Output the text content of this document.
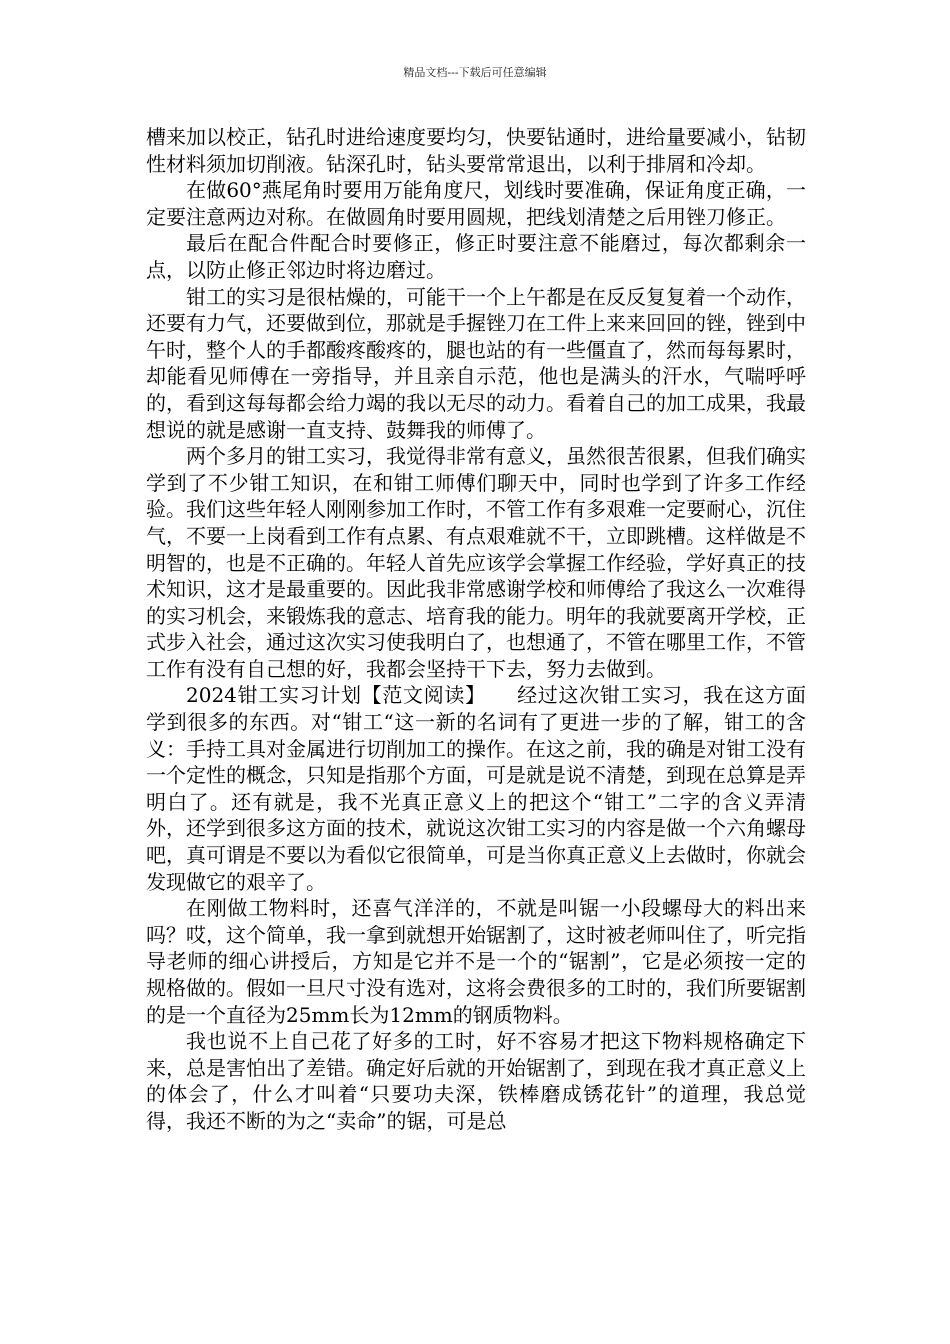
精品文档---下载后可任意编辑

槽来加以校正，钻孔时进给速度要均匀，快要钻通时，进给量要减小，钻韧性材料须加切削液。钻深孔时，钻头要常常退出，以利于排屑和冷却。

在做60°燕尾角时要用万能角度尺，划线时要准确，保证角度正确，一定要注意两边对称。在做圆角时要用圆规，把线划清楚之后用锉刀修正。

最后在配合件配合时要修正，修正时要注意不能磨过，每次都剩余一点，以防止修正邻边时将边磨过。

钳工的实习是很枯燥的，可能干一个上午都是在反反复复着一个动作，还要有力气，还要做到位，那就是手握锉刀在工件上来来回回的锉，锉到中午时，整个人的手都酸疼酸疼的，腿也站的有一些僵直了，然而每每累时，却能看见师傅在一旁指导，并且亲自示范，他也是满头的汗水，气喘呼呼的，看到这每每都会给力竭的我以无尽的动力。看着自己的加工成果，我最想说的就是感谢一直支持、鼓舞我的师傅了。

两个多月的钳工实习，我觉得非常有意义，虽然很苦很累，但我们确实学到了不少钳工知识，在和钳工师傅们聊天中，同时也学到了许多工作经验。我们这些年轻人刚刚参加工作时，不管工作有多艰难一定要耐心，沉住气，不要一上岗看到工作有点累、有点艰难就不干，立即跳槽。这样做是不明智的，也是不正确的。年轻人首先应该学会掌握工作经验，学好真正的技术知识，这才是最重要的。因此我非常感谢学校和师傅给了我这么一次难得的实习机会，来锻炼我的意志、培育我的能力。明年的我就要离开学校，正式步入社会，通过这次实习使我明白了，也想通了，不管在哪里工作，不管工作有没有自己想的好，我都会坚持干下去，努力去做到。

2024钳工实习计划【范文阅读】　　经过这次钳工实习，我在这方面学到很多的东西。对“钳工“这一新的名词有了更进一步的了解，钳工的含义：手持工具对金属进行切削加工的操作。在这之前，我的确是对钳工没有一个定性的概念，只知是指那个方面，可是就是说不清楚，到现在总算是弄明白了。还有就是，我不光真正意义上的把这个“钳工”二字的含义弄清外，还学到很多这方面的技术，就说这次钳工实习的内容是做一个六角螺母吧，真可谓是不要以为看似它很简单，可是当你真正意义上去做时，你就会发现做它的艰辛了。

在刚做工物料时，还喜气洋洋的，不就是叫锯一小段螺母大的料出来吗？哎，这个简单，我一拿到就想开始锯割了，这时被老师叫住了，听完指导老师的细心讲授后，方知是它并不是一个的“锯割”，它是必须按一定的规格做的。假如一旦尺寸没有选对，这将会费很多的工时的，我们所要锯割的是一个直径为25mm长为12mm的钢质物料。

我也说不上自己花了好多的工时，好不容易才把这下物料规格确定下来，总是害怕出了差错。确定好后就的开始锯割了，到现在我才真正意义上的体会了，什么才叫着“只要功夫深，铁棒磨成锈花针”的道理，我总觉得，我还不断的为之“卖命”的锯，可是总
